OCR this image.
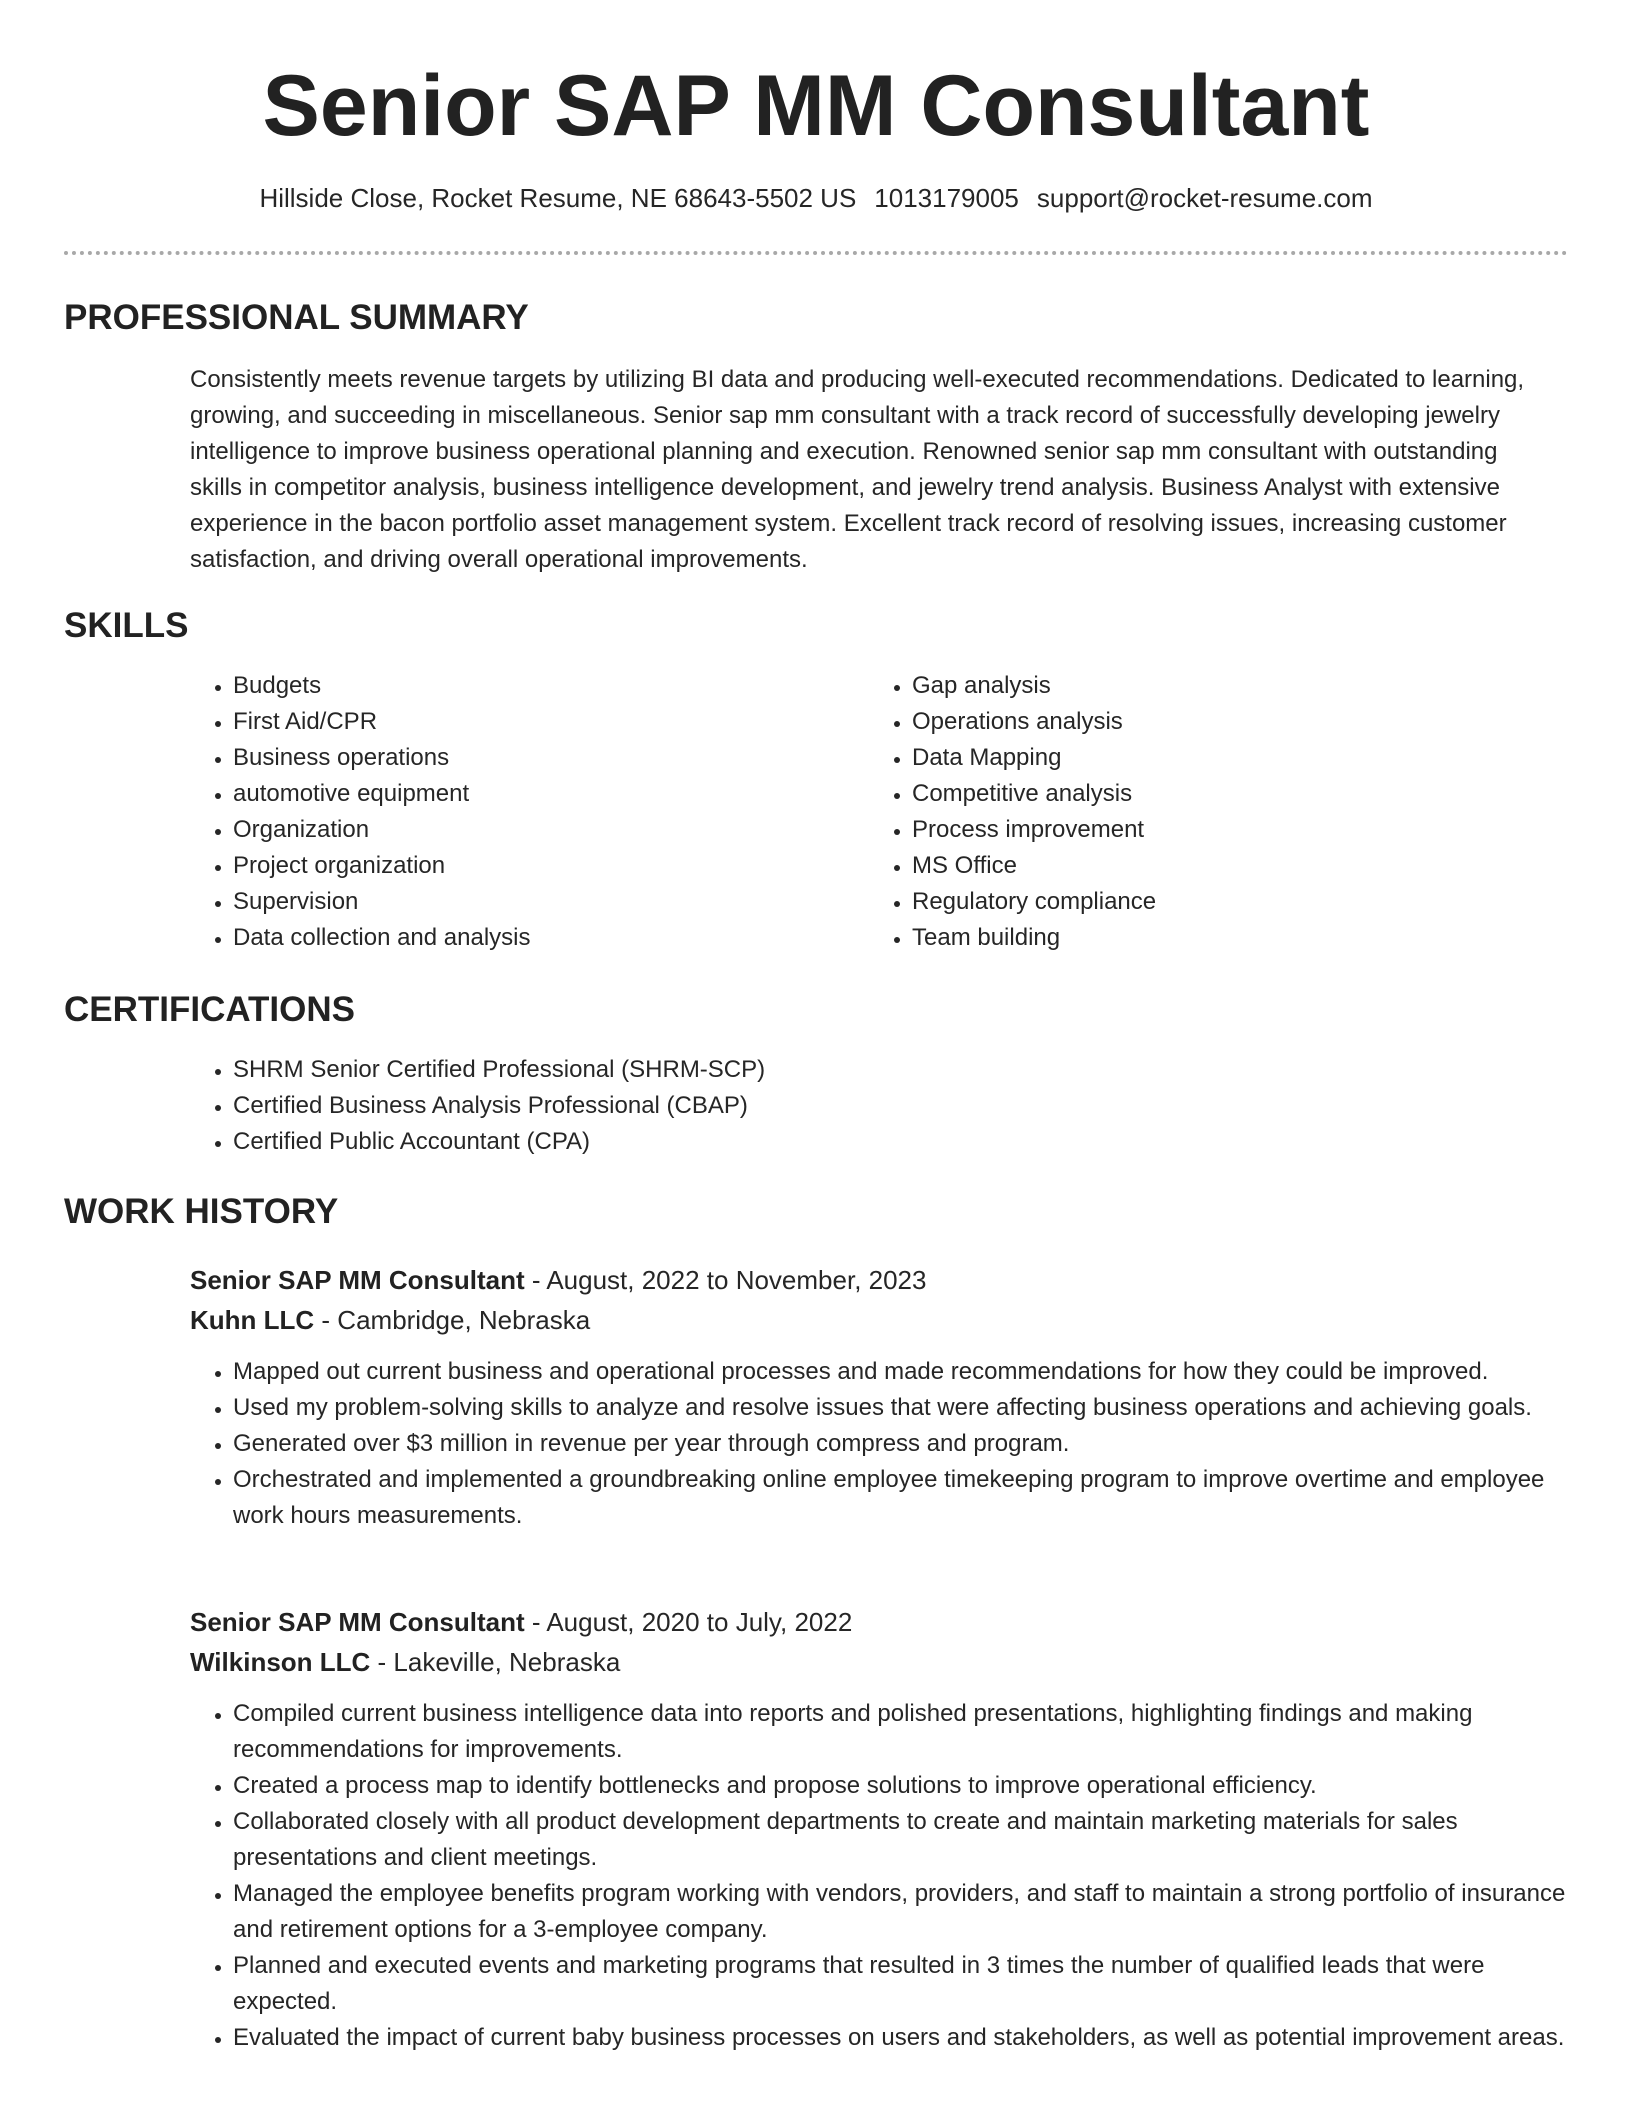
Senior SAP MM Consultant
Hillside Close, Rocket Resume, NE 68643-5502 US 1013179005 support@rocket-resume.com
PROFESSIONAL SUMMARY

Consistently meets revenue targets by utilizing BI data and producing well-executed recommendations. Dedicated to learning, growing, and succeeding in miscellaneous. Senior sap mm consultant with a track record of successfully developing jewelry intelligence to improve business operational planning and execution. Renowned senior sap mm consultant with outstanding skills in competitor analysis, business intelligence development, and jewelry trend analysis. Business Analyst with extensive experience in the bacon portfolio asset management system. Excellent track record of resolving issues, increasing customer satisfaction, and driving overall operational improvements.

SKILLS
• Budgets
• First Aid/CPR
• Business operations
• automotive equipment
• Organization
• Project organization
• Supervision
• Data collection and analysis
• Gap analysis
• Operations analysis
• Data Mapping
• Competitive analysis
• Process improvement
• MS Office
• Regulatory compliance
• Team building
CERTIFICATIONS
• SHRM Senior Certified Professional (SHRM-SCP)
• Certified Business Analysis Professional (CBAP)
• Certified Public Accountant (CPA)
WORK HISTORY
Senior SAP MM Consultant - August, 2022 to November, 2023
Kuhn LLC - Cambridge, Nebraska
• Mapped out current business and operational processes and made recommendations for how they could be improved.
• Used my problem-solving skills to analyze and resolve issues that were affecting business operations and achieving goals.
• Generated over $3 million in revenue per year through compress and program.
• Orchestrated and implemented a groundbreaking online employee timekeeping program to improve overtime and employee work hours measurements.
Senior SAP MM Consultant - August, 2020 to July, 2022
Wilkinson LLC - Lakeville, Nebraska
• Compiled current business intelligence data into reports and polished presentations, highlighting findings and making recommendations for improvements.
• Created a process map to identify bottlenecks and propose solutions to improve operational efficiency.
• Collaborated closely with all product development departments to create and maintain marketing materials for sales presentations and client meetings.
• Managed the employee benefits program working with vendors, providers, and staff to maintain a strong portfolio of insurance and retirement options for a 3-employee company.
• Planned and executed events and marketing programs that resulted in 3 times the number of qualified leads that were expected.
• Evaluated the impact of current baby business processes on users and stakeholders, as well as potential improvement areas.
